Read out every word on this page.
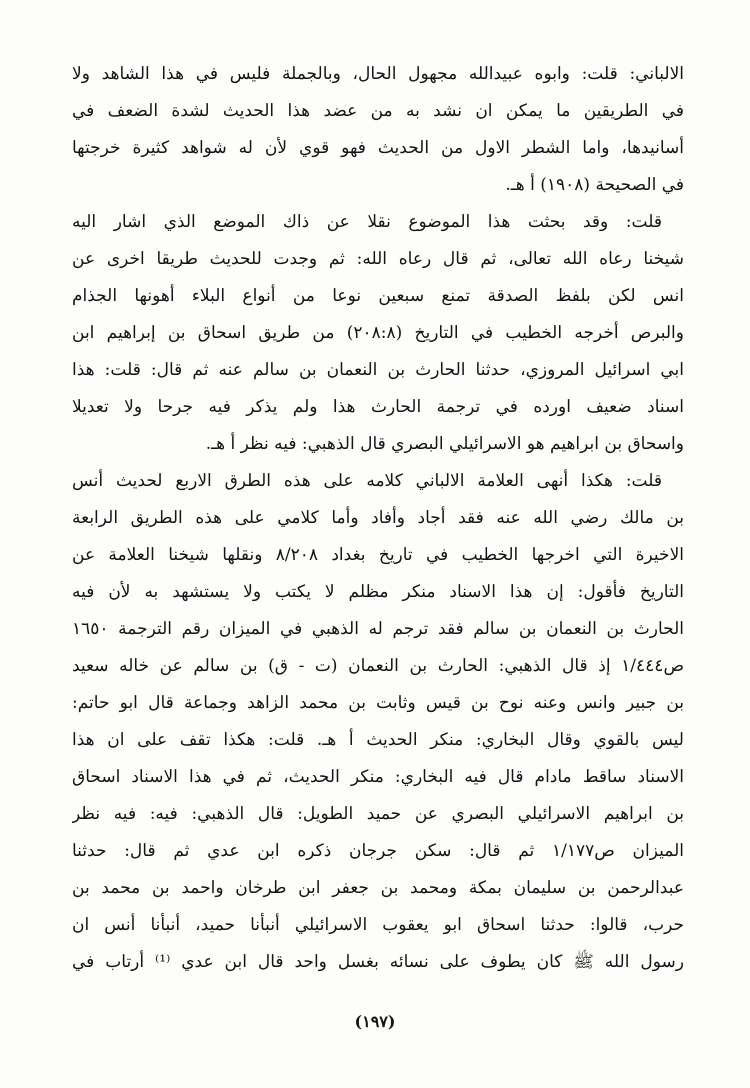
الالباني: قلت: وابوه عبيدالله مجهول الحال، وبالجملة فليس في هذا الشاهد ولا
في الطريقين ما يمكن ان نشد به من عضد هذا الحديث لشدة الضعف في
أسانيدها، واما الشطر الاول من الحديث فهو قوي لأن له شواهد كثيرة خرجتها
في الصحيحة (١٩٠٨) أ هـ.
قلت: وقد بحثت هذا الموضوع نقلا عن ذاك الموضع الذي اشار اليه
شيخنا رعاه الله تعالى، ثم قال رعاه الله: ثم وجدت للحديث طريقا اخرى عن
انس لكن بلفظ الصدقة تمنع سبعين نوعا من أنواع البلاء أهونها الجذام
والبرص أخرجه الخطيب في التاريخ (٢٠٨:٨) من طريق اسحاق بن إبراهيم ابن
ابي اسرائيل المروزي، حدثنا الحارث بن النعمان بن سالم عنه ثم قال: قلت: هذا
اسناد ضعيف اورده في ترجمة الحارث هذا ولم يذكر فيه جرحا ولا تعديلا
واسحاق بن ابراهيم هو الاسرائيلي البصري قال الذهبي: فيه نظر أ هـ.
قلت: هكذا أنهى العلامة الالباني كلامه على هذه الطرق الاربع لحديث أنس
بن مالك رضي الله عنه فقد أجاد وأفاد وأما كلامي على هذه الطريق الرابعة
الاخيرة التي اخرجها الخطيب في تاريخ بغداد ٨/٢٠٨ ونقلها شيخنا العلامة عن
التاريخ فأقول: إن هذا الاسناد منكر مظلم لا يكتب ولا يستشهد به لأن فيه
الحارث بن النعمان بن سالم فقد ترجم له الذهبي في الميزان رقم الترجمة ١٦٥٠
ص١/٤٤٤ إذ قال الذهبي: الحارث بن النعمان (ت - ق) بن سالم عن خاله سعيد
بن جبير وانس وعنه نوح بن قيس وثابت بن محمد الزاهد وجماعة قال ابو حاتم:
ليس بالقوي وقال البخاري: منكر الحديث أ هـ. قلت: هكذا تقف على ان هذا
الاسناد ساقط مادام قال فيه البخاري: منكر الحديث، ثم في هذا الاسناد اسحاق
بن ابراهيم الاسرائيلي البصري عن حميد الطويل: قال الذهبي: فيه: فيه نظر
الميزان ص١/١٧٧ ثم قال: سكن جرجان ذكره ابن عدي ثم قال: حدثنا
عبدالرحمن بن سليمان بمكة ومحمد بن جعفر ابن طرخان واحمد بن محمد بن
حرب، قالوا: حدثنا اسحاق ابو يعقوب الاسرائيلي أنبأنا حميد، أنبأنا أنس ان
رسول الله ﷺ كان يطوف على نسائه بغسل واحد قال ابن عدي ⁽¹⁾ أرتاب في
(١٩٧)
